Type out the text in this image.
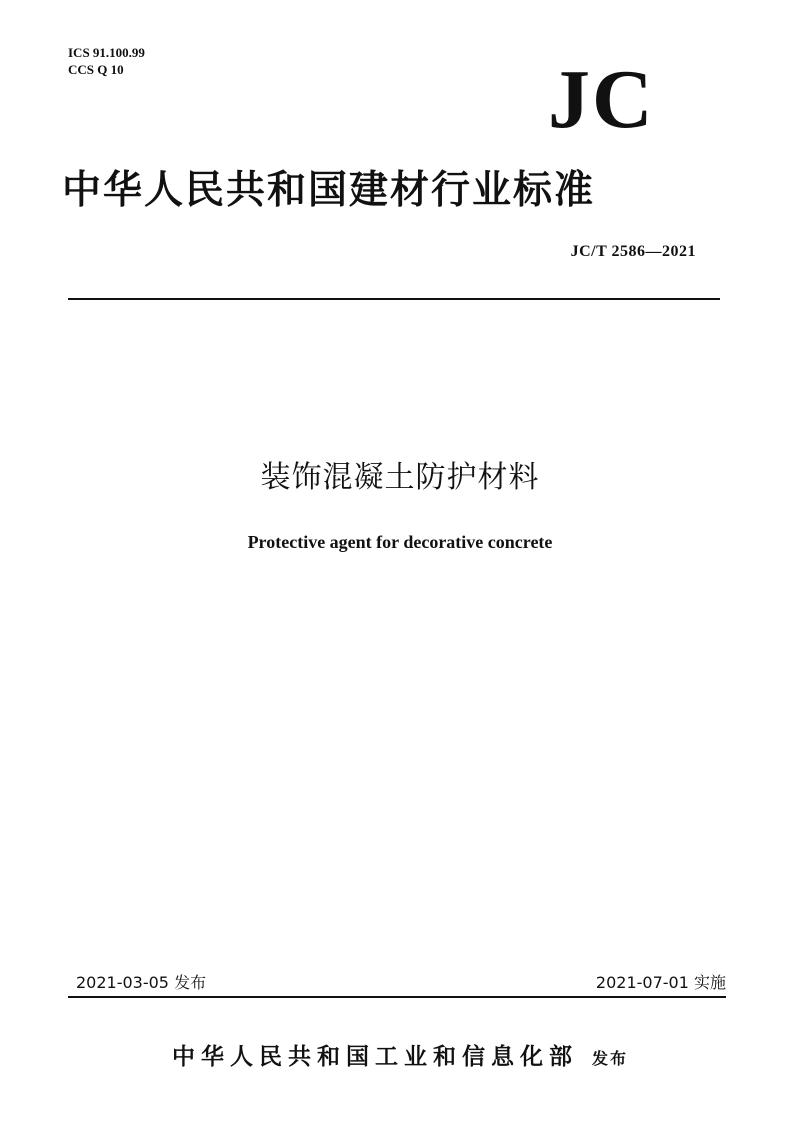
ICS 91.100.99
CCS Q 10	JC
中华人民共和国建材行业标准
JC/T 2586—2021
装饰混凝土防护材料
Protective agent for decorative concrete
2021-03-05 发布	2021-07-01 实施
中华人民共和国工业和信息化部 发布
